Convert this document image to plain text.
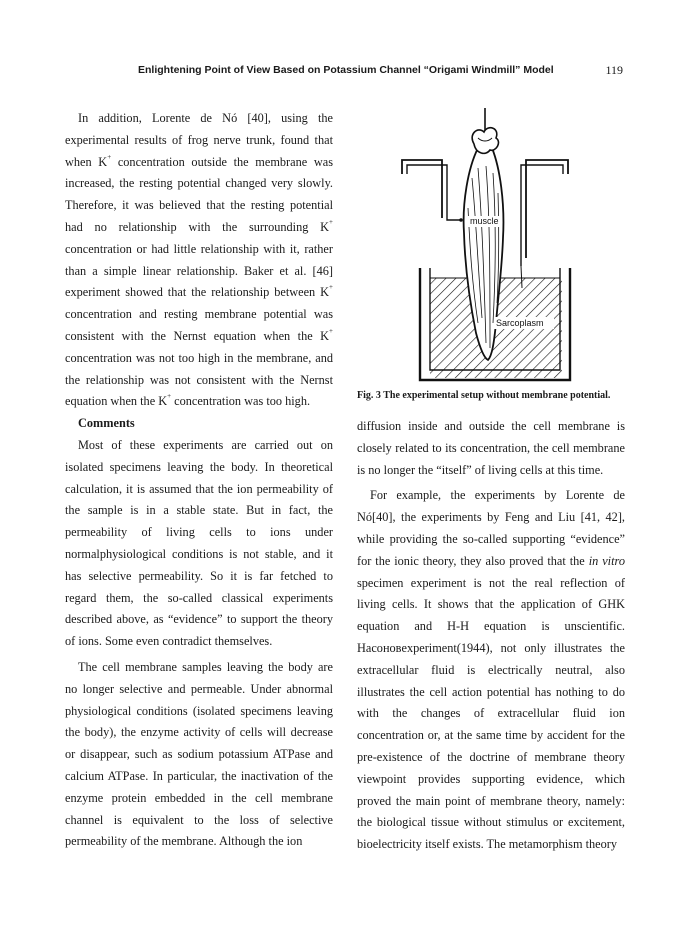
Enlightening Point of View Based on Potassium Channel “Origami Windmill” Model	119

In addition, Lorente de Nó [40], using the experimental results of frog nerve trunk, found that when K+ concentration outside the membrane was increased, the resting potential changed very slowly. Therefore, it was believed that the resting potential had no relationship with the surrounding K+ concentration or had little relationship with it, rather than a simple linear relationship. Baker et al. [46] experiment showed that the relationship between K+ concentration and resting membrane potential was consistent with the Nernst equation when the K+ concentration was not too high in the membrane, and the relationship was not consistent with the Nernst equation when the K+ concentration was too high.

Comments

Most of these experiments are carried out on isolated specimens leaving the body. In theoretical calculation, it is assumed that the ion permeability of the sample is in a stable state. But in fact, the permeability of living cells to ions under normalphysiological conditions is not stable, and it has selective permeability. So it is far fetched to regard them, the so-called classical experiments described above, as “evidence” to support the theory of ions. Some even contradict themselves.

The cell membrane samples leaving the body are no longer selective and permeable. Under abnormal physiological conditions (isolated specimens leaving the body), the enzyme activity of cells will decrease or disappear, such as sodium potassium ATPase and calcium ATPase. In particular, the inactivation of the enzyme protein embedded in the cell membrane channel is equivalent to the loss of selective permeability of the membrane. Although the ion

muscle
Sarcoplasm
Fig. 3 The experimental setup without membrane potential.

diffusion inside and outside the cell membrane is closely related to its concentration, the cell membrane is no longer the “itself” of living cells at this time.

For example, the experiments by Lorente de Nó[40], the experiments by Feng and Liu [41, 42], while providing the so-called supporting “evidence” for the ionic theory, they also proved that the in vitro specimen experiment is not the real reflection of living cells. It shows that the application of GHK equation and H-H equation is unscientific. Насоновexperiment(1944), not only illustrates the extracellular fluid is electrically neutral, also illustrates the cell action potential has nothing to do with the changes of extracellular fluid ion concentration or, at the same time by accident for the pre-existence of the doctrine of membrane theory viewpoint provides supporting evidence, which proved the main point of membrane theory, namely: the biological tissue without stimulus or excitement, bioelectricity itself exists. The metamorphism theory
